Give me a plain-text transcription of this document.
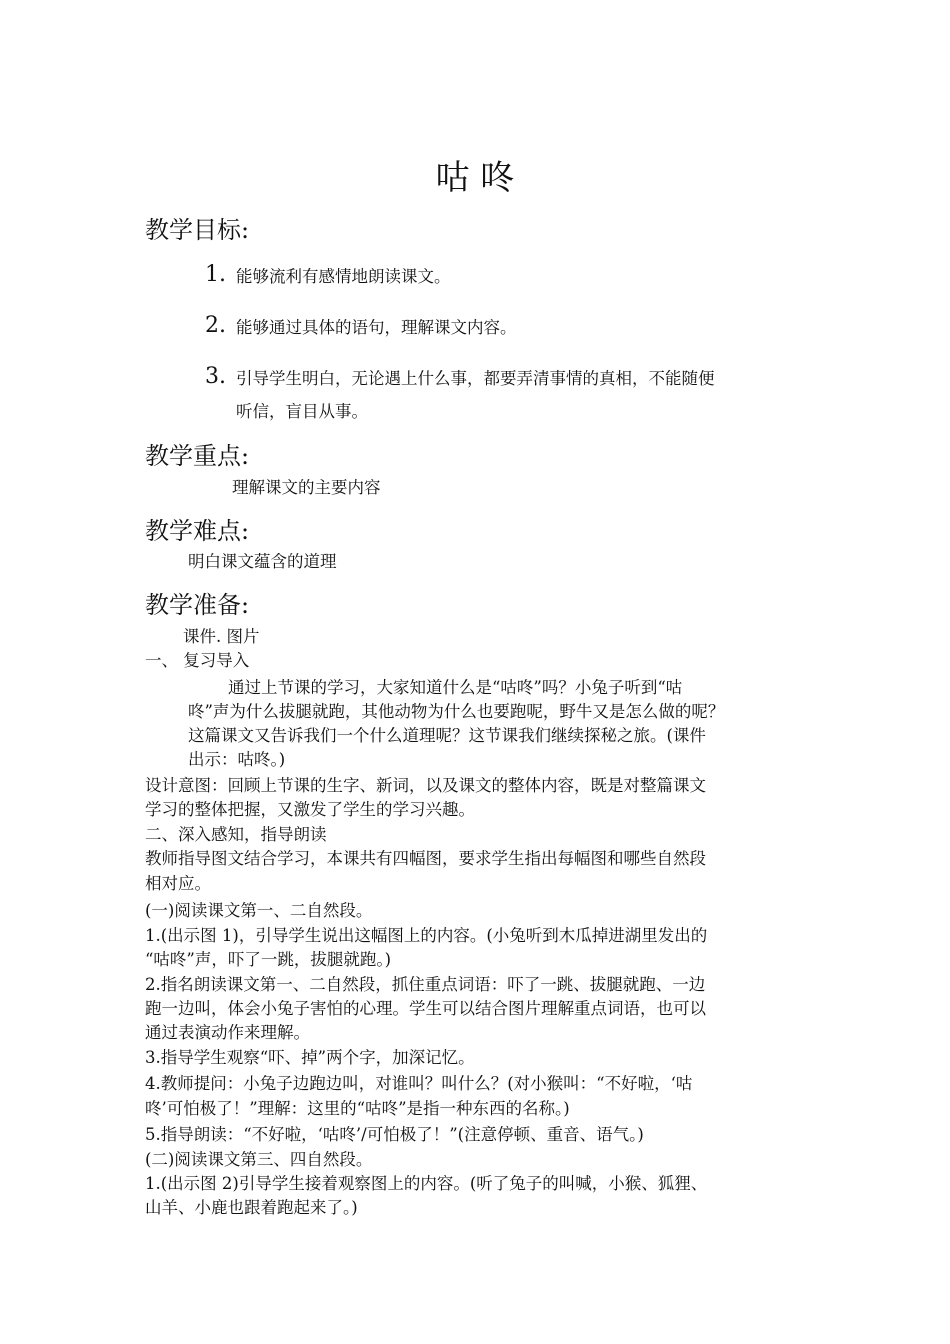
咕 咚
教学目标:
1. 能够流利有感情地朗读课文。
2. 能够通过具体的语句，理解课文内容。
3. 引导学生明白，无论遇上什么事，都要弄清事情的真相，不能随便
听信，盲目从事。
教学重点:
理解课文的主要内容
教学难点:
明白课文蕴含的道理
教学准备:
课件. 图片
一、 复习导入
通过上节课的学习，大家知道什么是“咕咚”吗？小兔子听到“咕
咚”声为什么拔腿就跑，其他动物为什么也要跑呢，野牛又是怎么做的呢？
这篇课文又告诉我们一个什么道理呢？这节课我们继续探秘之旅。(课件
出示：咕咚。)
设计意图：回顾上节课的生字、新词，以及课文的整体内容，既是对整篇课文
学习的整体把握，又激发了学生的学习兴趣。
二、深入感知，指导朗读
教师指导图文结合学习，本课共有四幅图，要求学生指出每幅图和哪些自然段
相对应。
(一)阅读课文第一、二自然段。
1.(出示图 1)，引导学生说出这幅图上的内容。(小兔听到木瓜掉进湖里发出的
“咕咚”声，吓了一跳，拔腿就跑。)
2.指名朗读课文第一、二自然段，抓住重点词语：吓了一跳、拔腿就跑、一边
跑一边叫，体会小兔子害怕的心理。学生可以结合图片理解重点词语，也可以
通过表演动作来理解。
3.指导学生观察“吓、掉”两个字，加深记忆。
4.教师提问：小兔子边跑边叫，对谁叫？叫什么？(对小猴叫：“不好啦，‘咕
咚’可怕极了！”理解：这里的“咕咚”是指一种东西的名称。)
5.指导朗读：“不好啦，‘咕咚’/可怕极了！”(注意停顿、重音、语气。)
(二)阅读课文第三、四自然段。
1.(出示图 2)引导学生接着观察图上的内容。(听了兔子的叫喊，小猴、狐狸、
山羊、小鹿也跟着跑起来了。)
